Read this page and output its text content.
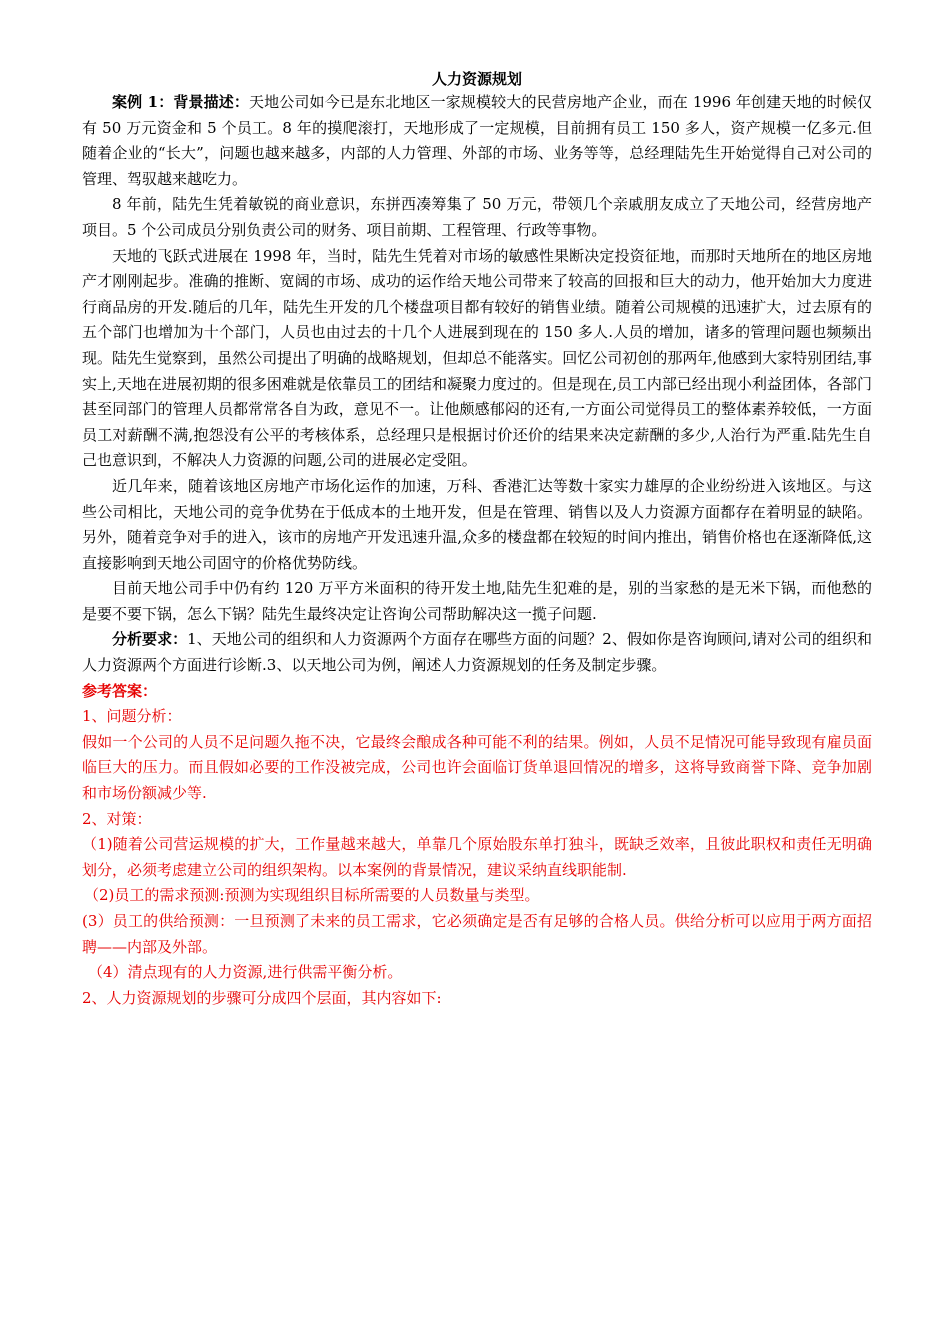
人力资源规划

案例 1：背景描述：天地公司如今已是东北地区一家规模较大的民营房地产企业，而在 1996 年创建天地的时候仅有 50 万元资金和 5 个员工。8 年的摸爬滚打，天地形成了一定规模，目前拥有员工 150 多人，资产规模一亿多元.但随着企业的“长大”，问题也越来越多，内部的人力管理、外部的市场、业务等等，总经理陆先生开始觉得自己对公司的管理、驾驭越来越吃力。

8 年前，陆先生凭着敏锐的商业意识，东拼西凑筹集了 50 万元，带领几个亲戚朋友成立了天地公司，经营房地产项目。5 个公司成员分别负责公司的财务、项目前期、工程管理、行政等事物。

天地的飞跃式进展在 1998 年，当时，陆先生凭着对市场的敏感性果断决定投资征地，而那时天地所在的地区房地产才刚刚起步。准确的推断、宽阔的市场、成功的运作给天地公司带来了较高的回报和巨大的动力，他开始加大力度进行商品房的开发.随后的几年，陆先生开发的几个楼盘项目都有较好的销售业绩。随着公司规模的迅速扩大，过去原有的五个部门也增加为十个部门，人员也由过去的十几个人进展到现在的 150 多人.人员的增加，诸多的管理问题也频频出现。陆先生觉察到，虽然公司提出了明确的战略规划，但却总不能落实。回忆公司初创的那两年,他感到大家特别团结,事实上,天地在进展初期的很多困难就是依靠员工的团结和凝聚力度过的。但是现在,员工内部已经出现小利益团体，各部门甚至同部门的管理人员都常常各自为政，意见不一。让他颇感郁闷的还有,一方面公司觉得员工的整体素养较低，一方面员工对薪酬不满,抱怨没有公平的考核体系，总经理只是根据讨价还价的结果来决定薪酬的多少,人治行为严重.陆先生自己也意识到，不解决人力资源的问题,公司的进展必定受阻。

近几年来，随着该地区房地产市场化运作的加速，万科、香港汇达等数十家实力雄厚的企业纷纷进入该地区。与这些公司相比，天地公司的竞争优势在于低成本的土地开发，但是在管理、销售以及人力资源方面都存在着明显的缺陷。另外，随着竞争对手的进入，该市的房地产开发迅速升温,众多的楼盘都在较短的时间内推出，销售价格也在逐渐降低,这直接影响到天地公司固守的价格优势防线。

目前天地公司手中仍有约 120 万平方米面积的待开发土地,陆先生犯难的是，别的当家愁的是无米下锅，而他愁的是要不要下锅，怎么下锅？陆先生最终决定让咨询公司帮助解决这一揽子问题.

分析要求：1、天地公司的组织和人力资源两个方面存在哪些方面的问题？2、假如你是咨询顾问,请对公司的组织和人力资源两个方面进行诊断.3、以天地公司为例，阐述人力资源规划的任务及制定步骤。

参考答案：

1、问题分析：

假如一个公司的人员不足问题久拖不决，它最终会酿成各种可能不利的结果。例如，人员不足情况可能导致现有雇员面临巨大的压力。而且假如必要的工作没被完成，公司也许会面临订货单退回情况的增多，这将导致商誉下降、竞争加剧和市场份额减少等.

2、对策：

（1)随着公司营运规模的扩大，工作量越来越大，单靠几个原始股东单打独斗，既缺乏效率，且彼此职权和责任无明确划分，必须考虑建立公司的组织架构。以本案例的背景情况，建议采纳直线职能制.

（2)员工的需求预测:预测为实现组织目标所需要的人员数量与类型。

(3）员工的供给预测：一旦预测了未来的员工需求，它必须确定是否有足够的合格人员。供给分析可以应用于两方面招聘——内部及外部。

（4）清点现有的人力资源,进行供需平衡分析。

2、人力资源规划的步骤可分成四个层面，其内容如下:
